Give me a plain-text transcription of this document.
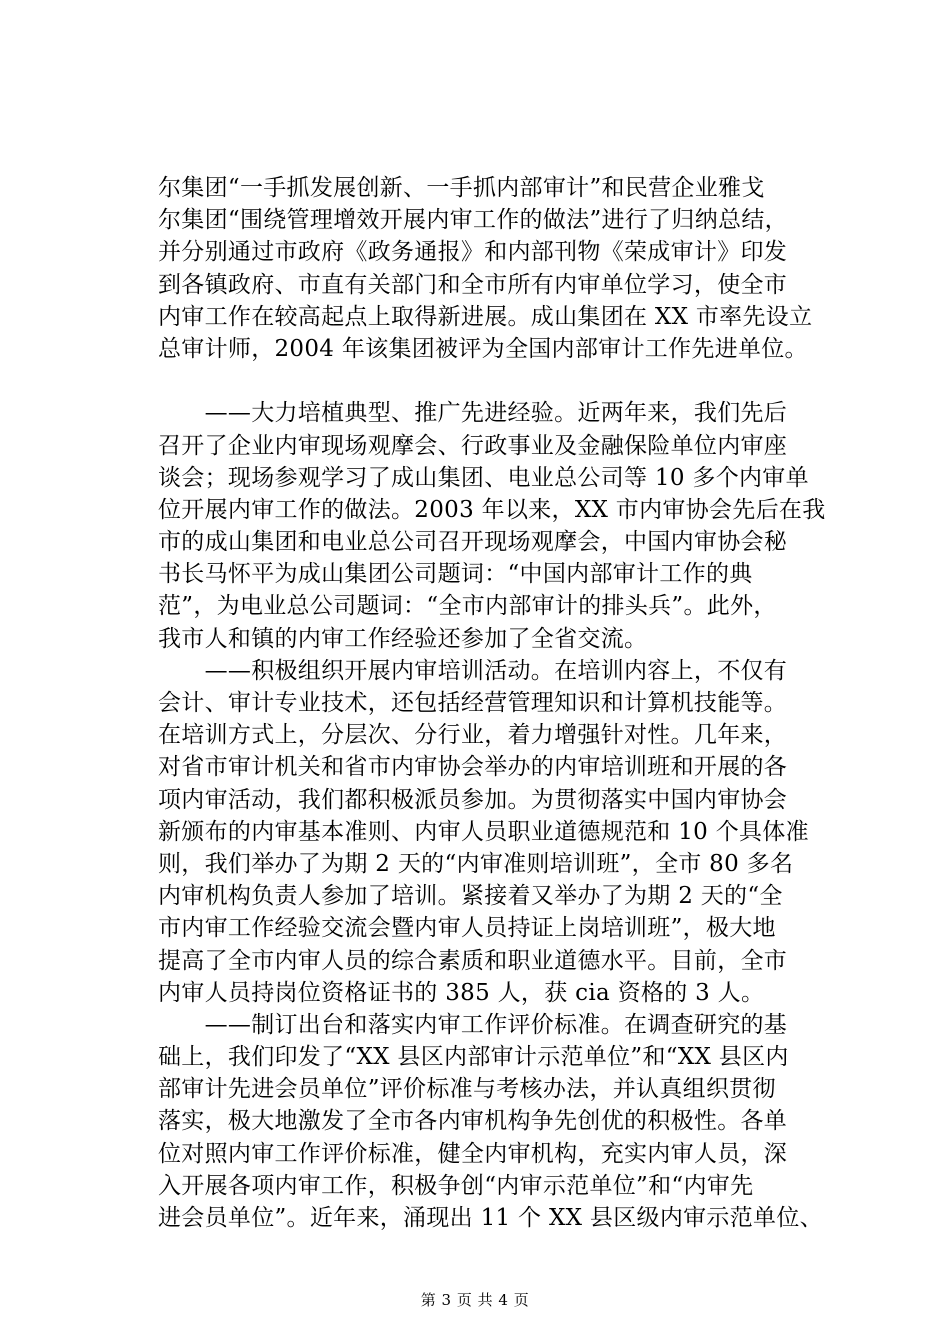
尔集团“一手抓发展创新、一手抓内部审计”和民营企业雅戈
尔集团“围绕管理增效开展内审工作的做法”进行了归纳总结，
并分别通过市政府《政务通报》和内部刊物《荣成审计》印发
到各镇政府、市直有关部门和全市所有内审单位学习，使全市
内审工作在较高起点上取得新进展。成山集团在 XX 市率先设立
总审计师，2004 年该集团被评为全国内部审计工作先进单位。
　　——大力培植典型、推广先进经验。近两年来，我们先后
召开了企业内审现场观摩会、行政事业及金融保险单位内审座
谈会；现场参观学习了成山集团、电业总公司等 10 多个内审单
位开展内审工作的做法。2003 年以来，XX 市内审协会先后在我
市的成山集团和电业总公司召开现场观摩会，中国内审协会秘
书长马怀平为成山集团公司题词：“中国内部审计工作的典
范”，为电业总公司题词：“全市内部审计的排头兵”。此外，
我市人和镇的内审工作经验还参加了全省交流。
　　——积极组织开展内审培训活动。在培训内容上，不仅有
会计、审计专业技术，还包括经营管理知识和计算机技能等。
在培训方式上，分层次、分行业，着力增强针对性。几年来，
对省市审计机关和省市内审协会举办的内审培训班和开展的各
项内审活动，我们都积极派员参加。为贯彻落实中国内审协会
新颁布的内审基本准则、内审人员职业道德规范和 10 个具体准
则，我们举办了为期 2 天的“内审准则培训班”，全市 80 多名
内审机构负责人参加了培训。紧接着又举办了为期 2 天的“全
市内审工作经验交流会暨内审人员持证上岗培训班”，极大地
提高了全市内审人员的综合素质和职业道德水平。目前，全市
内审人员持岗位资格证书的 385 人，获 cia 资格的 3 人。
　　——制订出台和落实内审工作评价标准。在调查研究的基
础上，我们印发了“XX 县区内部审计示范单位”和“XX 县区内
部审计先进会员单位”评价标准与考核办法，并认真组织贯彻
落实，极大地激发了全市各内审机构争先创优的积极性。各单
位对照内审工作评价标准，健全内审机构，充实内审人员，深
入开展各项内审工作，积极争创“内审示范单位”和“内审先
进会员单位”。近年来，涌现出 11 个 XX 县区级内审示范单位、
第 3 页 共 4 页
